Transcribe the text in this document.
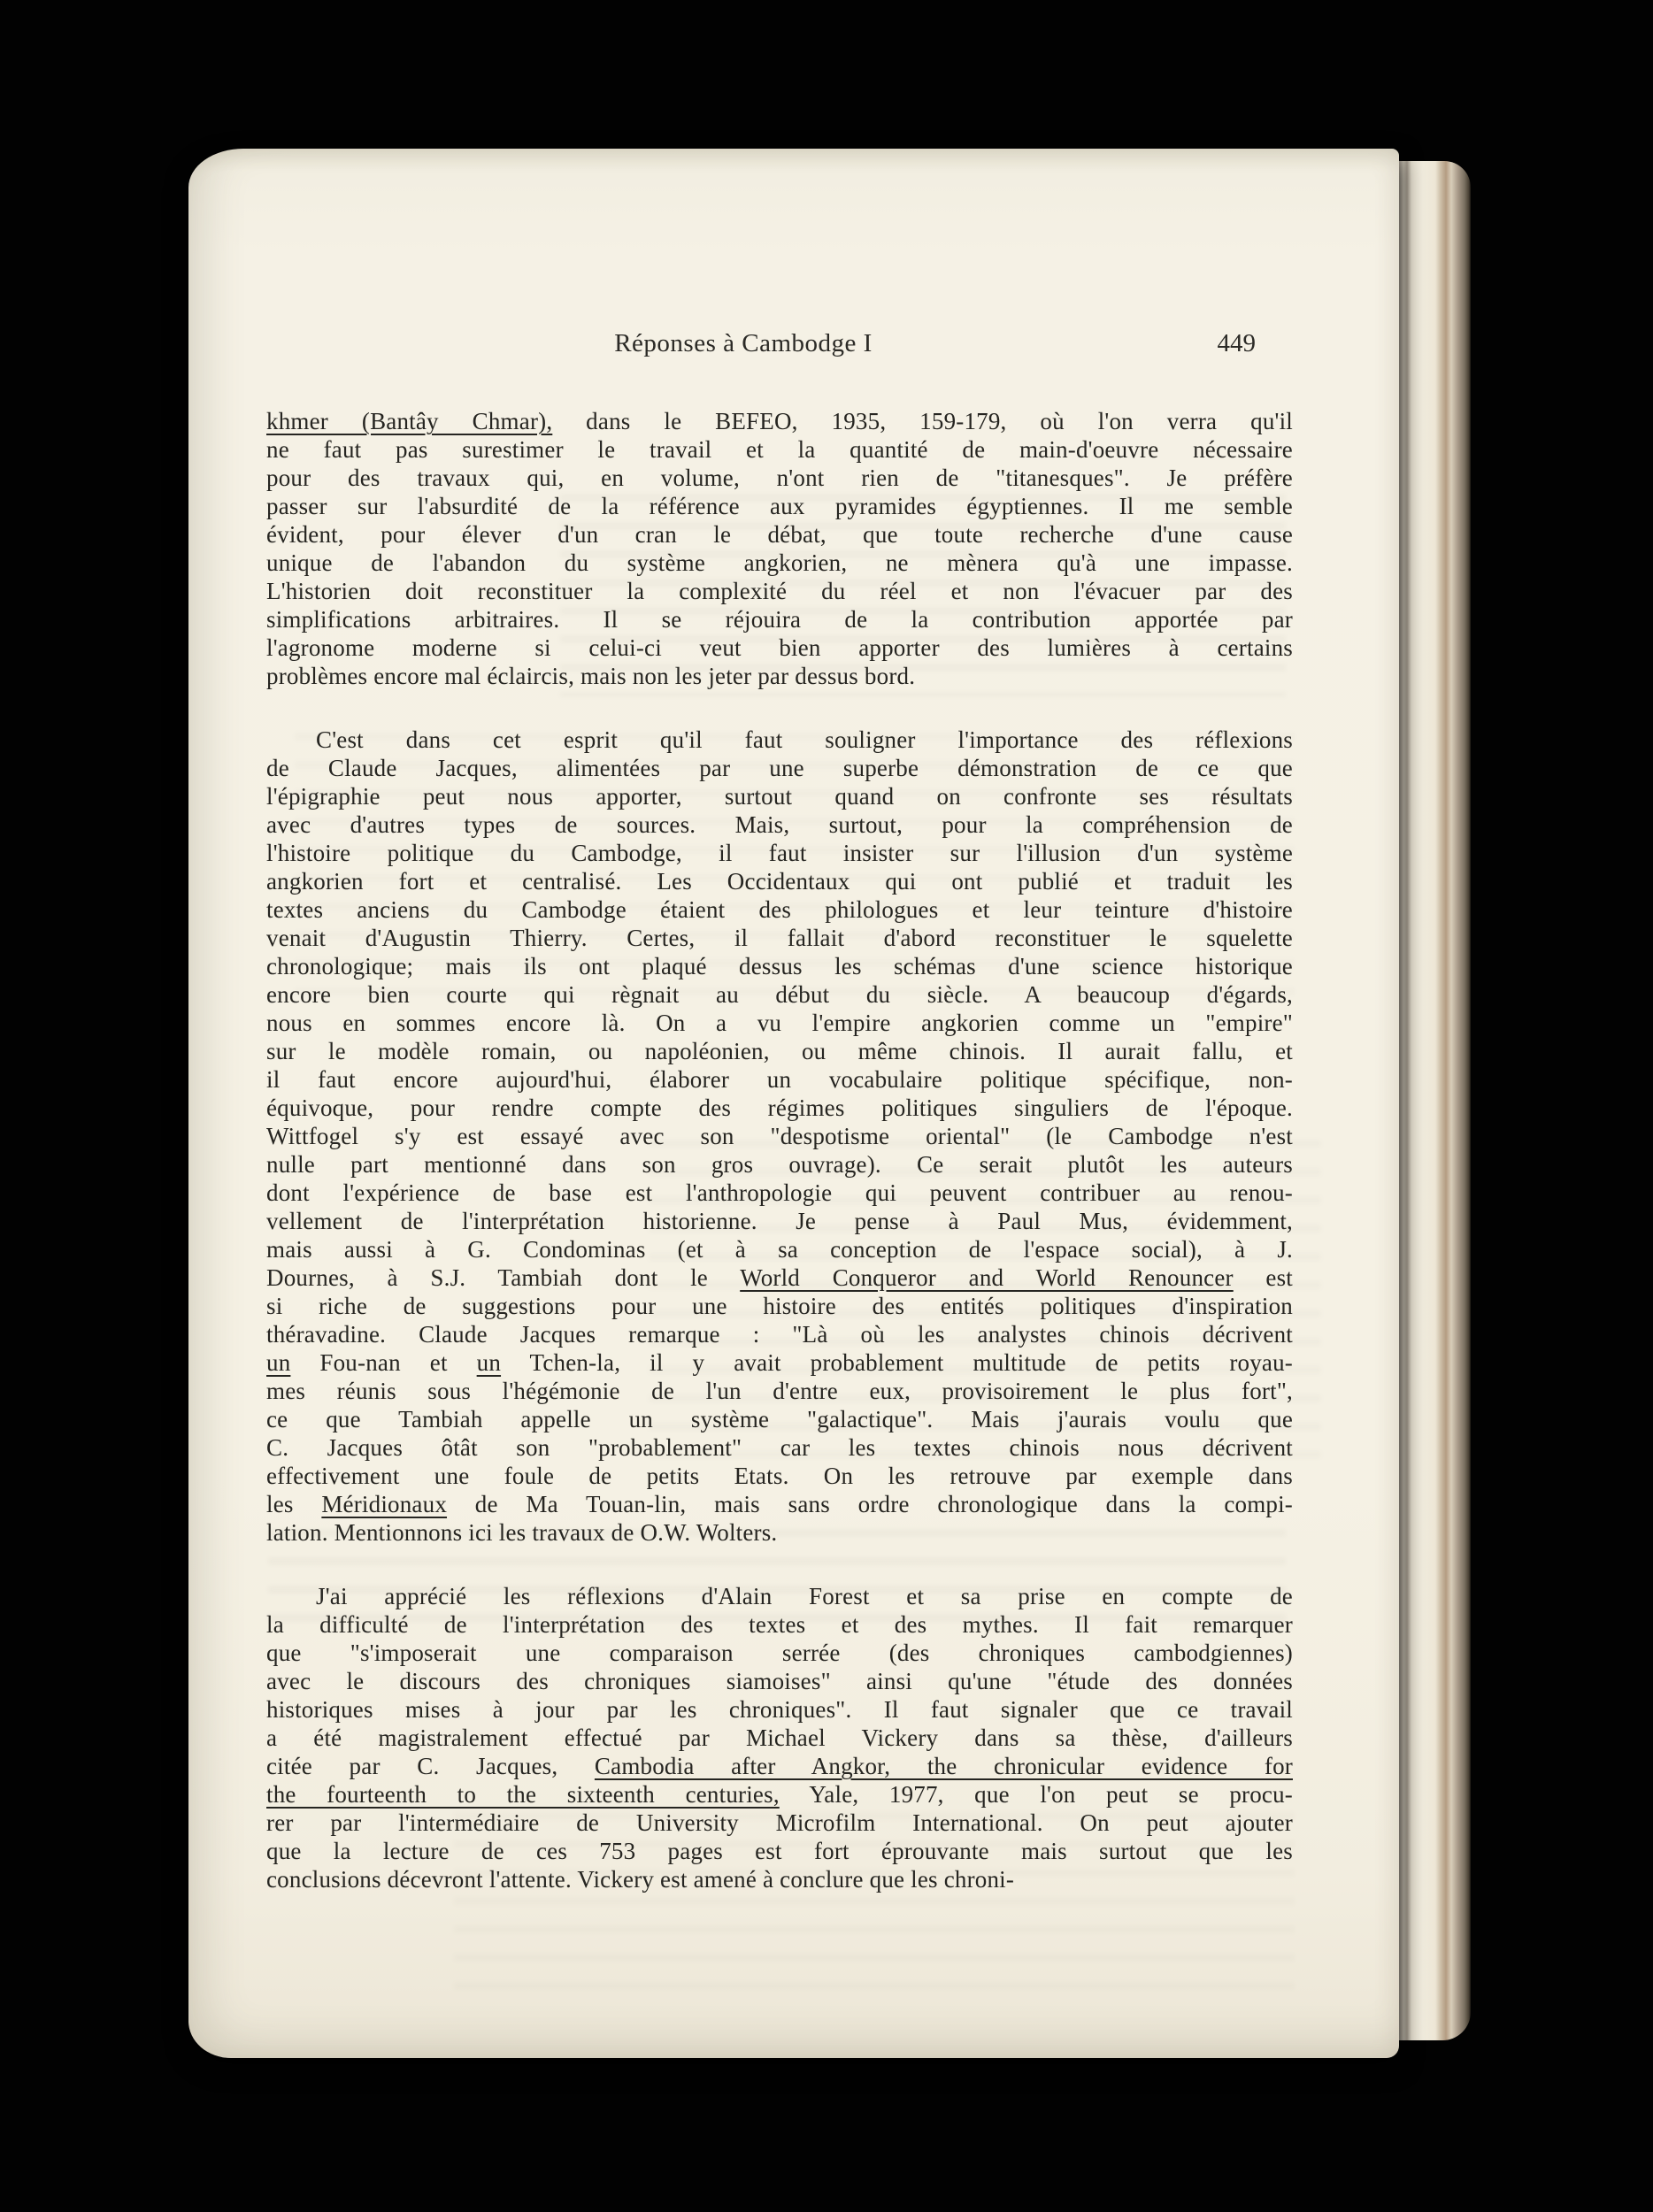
Réponses à Cambodge I	449
khmer (Bantây Chmar), dans le BEFEO, 1935, 159-179, où l'on verra qu'il
ne faut pas surestimer le travail et la quantité de main-d'oeuvre nécessaire
pour des travaux qui, en volume, n'ont rien de "titanesques". Je préfère
passer sur l'absurdité de la référence aux pyramides égyptiennes. Il me semble
évident, pour élever d'un cran le débat, que toute recherche d'une cause
unique de l'abandon du système angkorien, ne mènera qu'à une impasse.
L'historien doit reconstituer la complexité du réel et non l'évacuer par des
simplifications arbitraires. Il se réjouira de la contribution apportée par
l'agronome moderne si celui-ci veut bien apporter des lumières à certains
problèmes encore mal éclaircis, mais non les jeter par dessus bord.
C'est dans cet esprit qu'il faut souligner l'importance des réflexions
de Claude Jacques, alimentées par une superbe démonstration de ce que
l'épigraphie peut nous apporter, surtout quand on confronte ses résultats
avec d'autres types de sources. Mais, surtout, pour la compréhension de
l'histoire politique du Cambodge, il faut insister sur l'illusion d'un système
angkorien fort et centralisé. Les Occidentaux qui ont publié et traduit les
textes anciens du Cambodge étaient des philologues et leur teinture d'histoire
venait d'Augustin Thierry. Certes, il fallait d'abord reconstituer le squelette
chronologique; mais ils ont plaqué dessus les schémas d'une science historique
encore bien courte qui règnait au début du siècle. A beaucoup d'égards,
nous en sommes encore là. On a vu l'empire angkorien comme un "empire"
sur le modèle romain, ou napoléonien, ou même chinois. Il aurait fallu, et
il faut encore aujourd'hui, élaborer un vocabulaire politique spécifique, non-
équivoque, pour rendre compte des régimes politiques singuliers de l'époque.
Wittfogel s'y est essayé avec son "despotisme oriental" (le Cambodge n'est
nulle part mentionné dans son gros ouvrage). Ce serait plutôt les auteurs
dont l'expérience de base est l'anthropologie qui peuvent contribuer au renou-
vellement de l'interprétation historienne. Je pense à Paul Mus, évidemment,
mais aussi à G. Condominas (et à sa conception de l'espace social), à J.
Dournes, à S.J. Tambiah dont le World Conqueror and World Renouncer est
si riche de suggestions pour une histoire des entités politiques d'inspiration
théravadine. Claude Jacques remarque : "Là où les analystes chinois décrivent
un Fou-nan et un Tchen-la, il y avait probablement multitude de petits royau-
mes réunis sous l'hégémonie de l'un d'entre eux, provisoirement le plus fort",
ce que Tambiah appelle un système "galactique". Mais j'aurais voulu que
C. Jacques ôtât son "probablement" car les textes chinois nous décrivent
effectivement une foule de petits Etats. On les retrouve par exemple dans
les Méridionaux de Ma Touan-lin, mais sans ordre chronologique dans la compi-
lation. Mentionnons ici les travaux de O.W. Wolters.
J'ai apprécié les réflexions d'Alain Forest et sa prise en compte de
la difficulté de l'interprétation des textes et des mythes. Il fait remarquer
que "s'imposerait une comparaison serrée (des chroniques cambodgiennes)
avec le discours des chroniques siamoises" ainsi qu'une "étude des données
historiques mises à jour par les chroniques". Il faut signaler que ce travail
a été magistralement effectué par Michael Vickery dans sa thèse, d'ailleurs
citée par C. Jacques, Cambodia after Angkor, the chronicular evidence for
the fourteenth to the sixteenth centuries, Yale, 1977, que l'on peut se procu-
rer par l'intermédiaire de University Microfilm International. On peut ajouter
que la lecture de ces 753 pages est fort éprouvante mais surtout que les
conclusions décevront l'attente. Vickery est amené à conclure que les chroni-
